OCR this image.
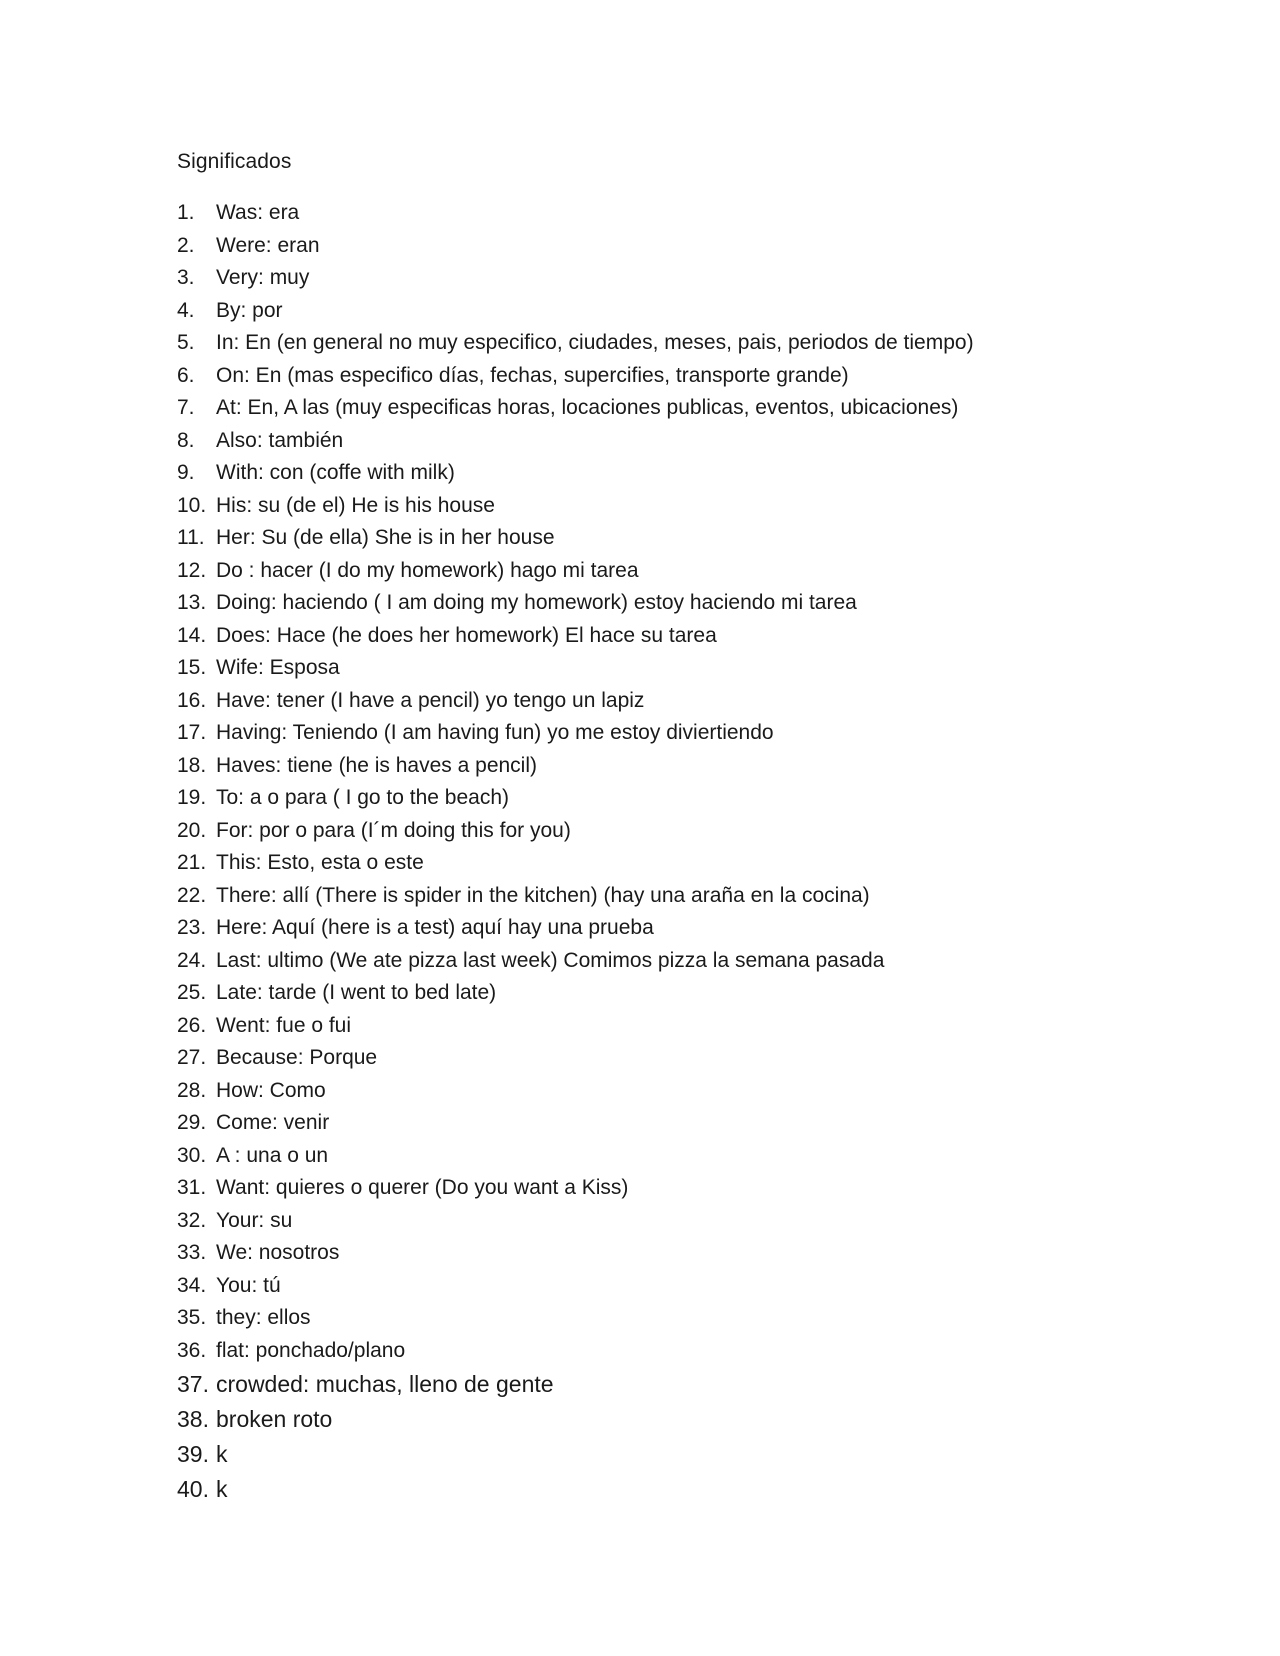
Significados
1.	Was: era
2.	Were: eran
3.	Very: muy
4.	By: por
5.	In: En (en general no muy especifico, ciudades, meses, pais, periodos de tiempo)
6.	On: En (mas especifico días, fechas, supercifies, transporte grande)
7.	At: En, A las (muy especificas horas, locaciones publicas, eventos, ubicaciones)
8.	Also: también
9.	With: con (coffe with milk)
10. His: su (de el) He is his house
11. Her: Su (de ella) She is in her house
12. Do : hacer (I do my homework) hago mi tarea
13. Doing: haciendo ( I am doing my homework) estoy haciendo mi tarea
14. Does: Hace (he does her homework) El hace su tarea
15. Wife: Esposa
16. Have: tener (I have a pencil) yo tengo un lapiz
17. Having: Teniendo (I am having fun) yo me estoy diviertiendo
18. Haves: tiene (he is haves a pencil)
19. To: a o para ( I go to the beach)
20. For: por o para (I´m doing this for you)
21. This: Esto, esta o este
22. There: allí (There is spider in the kitchen) (hay una araña en la cocina)
23. Here: Aquí (here is a test) aquí hay una prueba
24. Last: ultimo (We ate pizza last week) Comimos pizza la semana pasada
25. Late: tarde (I went to bed late)
26. Went: fue o fui
27. Because: Porque
28. How: Como
29. Come: venir
30. A : una o un
31. Want: quieres o querer (Do you want a Kiss)
32. Your: su
33. We: nosotros
34. You: tú
35. they: ellos
36. flat: ponchado/plano
37. crowded: muchas, lleno de gente
38. broken roto
39. k
40. k
